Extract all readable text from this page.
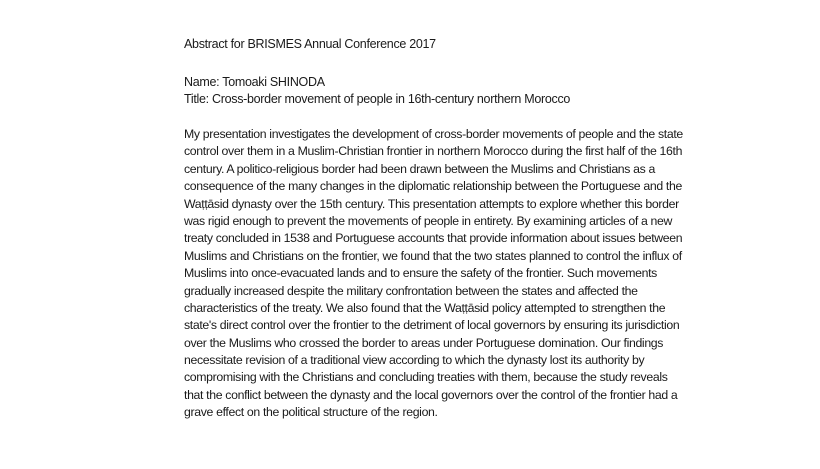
Abstract for BRISMES Annual Conference 2017
Name: Tomoaki SHINODA
Title: Cross-border movement of people in 16th-century northern Morocco
My presentation investigates the development of cross-border movements of people and the state
control over them in a Muslim-Christian frontier in northern Morocco during the first half of the 16th
century. A politico-religious border had been drawn between the Muslims and Christians as a
consequence of the many changes in the diplomatic relationship between the Portuguese and the
Waṭṭāsid dynasty over the 15th century. This presentation attempts to explore whether this border
was rigid enough to prevent the movements of people in entirety. By examining articles of a new
treaty concluded in 1538 and Portuguese accounts that provide information about issues between
Muslims and Christians on the frontier, we found that the two states planned to control the influx of
Muslims into once-evacuated lands and to ensure the safety of the frontier. Such movements
gradually increased despite the military confrontation between the states and affected the
characteristics of the treaty. We also found that the Waṭṭāsid policy attempted to strengthen the
state's direct control over the frontier to the detriment of local governors by ensuring its jurisdiction
over the Muslims who crossed the border to areas under Portuguese domination. Our findings
necessitate revision of a traditional view according to which the dynasty lost its authority by
compromising with the Christians and concluding treaties with them, because the study reveals
that the conflict between the dynasty and the local governors over the control of the frontier had a
grave effect on the political structure of the region.
